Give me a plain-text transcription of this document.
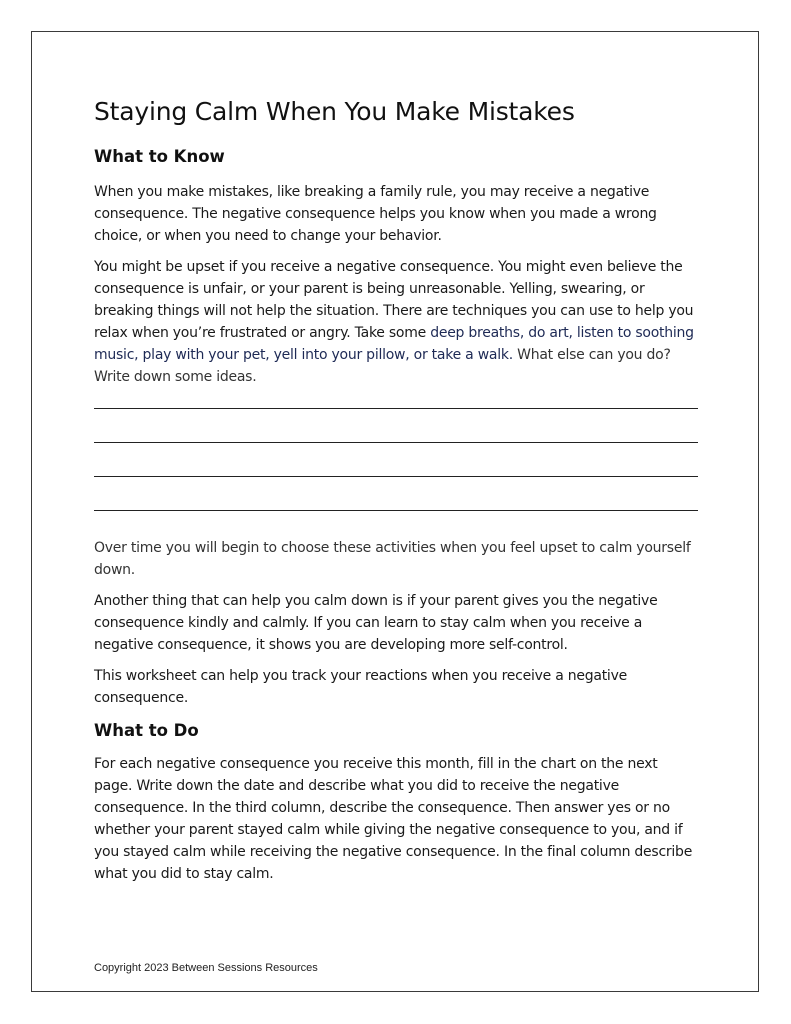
Staying Calm When You Make Mistakes
What to Know

When you make mistakes, like breaking a family rule, you may receive a negative consequence. The negative consequence helps you know when you made a wrong choice, or when you need to change your behavior.

You might be upset if you receive a negative consequence. You might even believe the consequence is unfair, or your parent is being unreasonable. Yelling, swearing, or breaking things will not help the situation. There are techniques you can use to help you relax when you’re frustrated or angry. Take some deep breaths, do art, listen to soothing music, play with your pet, yell into your pillow, or take a walk. What else can you do? Write down some ideas.

Over time you will begin to choose these activities when you feel upset to calm yourself down.

Another thing that can help you calm down is if your parent gives you the negative consequence kindly and calmly. If you can learn to stay calm when you receive a negative consequence, it shows you are developing more self-control.

This worksheet can help you track your reactions when you receive a negative consequence.

What to Do

For each negative consequence you receive this month, fill in the chart on the next page. Write down the date and describe what you did to receive the negative consequence. In the third column, describe the consequence. Then answer yes or no whether your parent stayed calm while giving the negative consequence to you, and if you stayed calm while receiving the negative consequence. In the final column describe what you did to stay calm.

Copyright 2023 Between Sessions Resources
